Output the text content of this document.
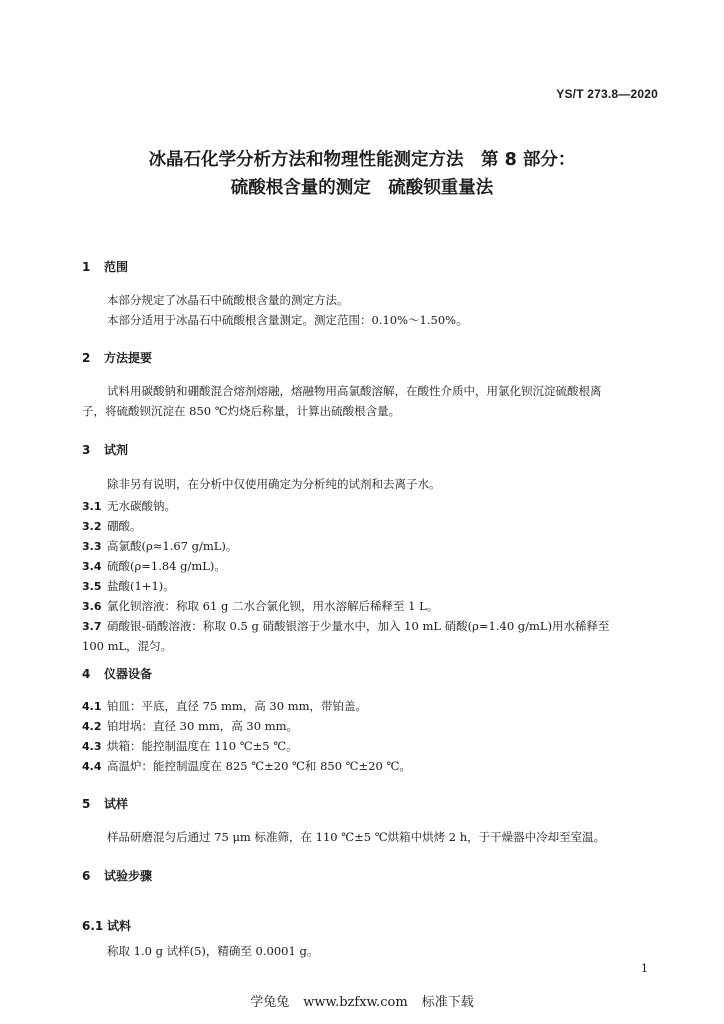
YS/T 273.8—2020
冰晶石化学分析方法和物理性能测定方法　第 8 部分：
硫酸根含量的测定　硫酸钡重量法
1 范围
本部分规定了冰晶石中硫酸根含量的测定方法。
本部分适用于冰晶石中硫酸根含量测定。测定范围：0.10%～1.50%。
2 方法提要
试料用碳酸钠和硼酸混合熔剂熔融，熔融物用高氯酸溶解，在酸性介质中，用氯化钡沉淀硫酸根离
子，将硫酸钡沉淀在 850 ℃灼烧后称量，计算出硫酸根含量。
3 试剂
除非另有说明，在分析中仅使用确定为分析纯的试剂和去离子水。
3.1 无水碳酸钠。
3.2 硼酸。
3.3 高氯酸(ρ≈1.67 g/mL)。
3.4 硫酸(ρ=1.84 g/mL)。
3.5 盐酸(1+1)。
3.6 氯化钡溶液：称取 61 g 二水合氯化钡，用水溶解后稀释至 1 L。
3.7 硝酸银-硝酸溶液：称取 0.5 g 硝酸银溶于少量水中，加入 10 mL 硝酸(ρ=1.40 g/mL)用水稀释至
100 mL，混匀。
4 仪器设备
4.1 铂皿：平底，直径 75 mm，高 30 mm，带铂盖。
4.2 铂坩埚：直径 30 mm，高 30 mm。
4.3 烘箱：能控制温度在 110 ℃±5 ℃。
4.4 高温炉：能控制温度在 825 ℃±20 ℃和 850 ℃±20 ℃。
5 试样
样品研磨混匀后通过 75 μm 标准筛，在 110 ℃±5 ℃烘箱中烘烤 2 h，于干燥器中冷却至室温。
6 试验步骤
6.1 试料
称取 1.0 g 试样(5)，精确至 0.0001 g。
1
学兔兔 www.bzfxw.com 标准下载
